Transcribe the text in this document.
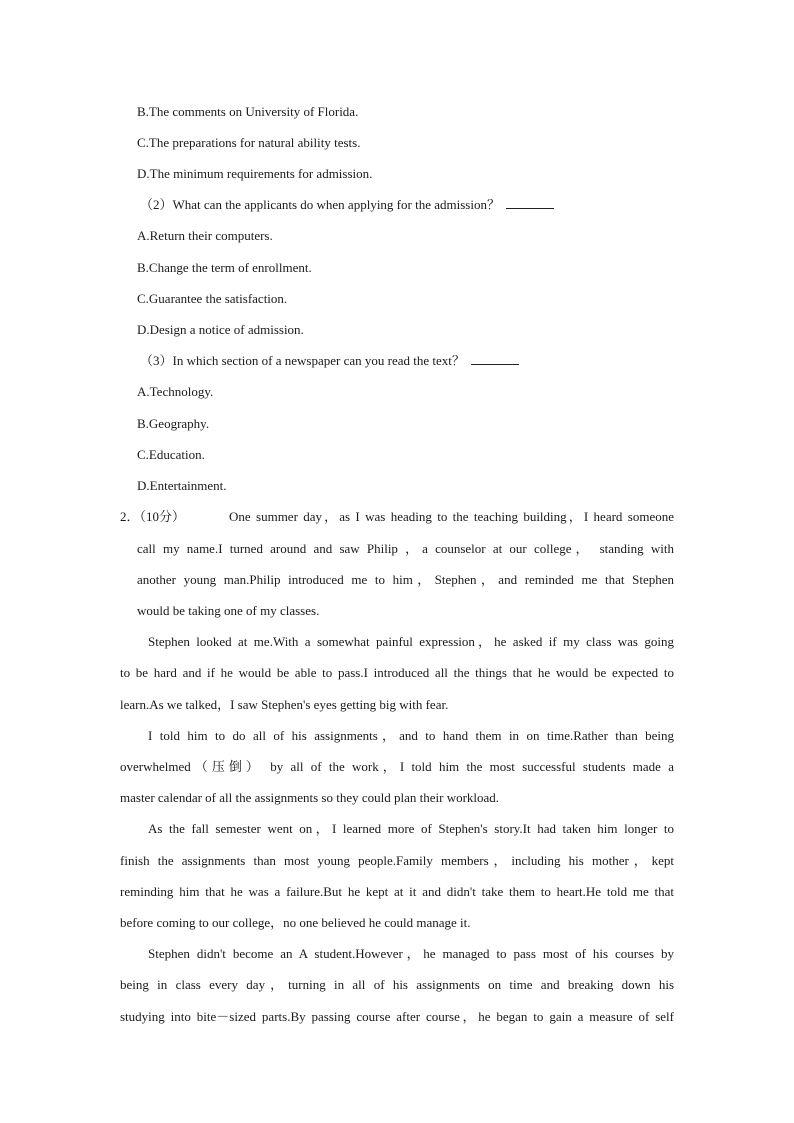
B.The comments on University of Florida.
C.The preparations for natural ability tests.
D.The minimum requirements for admission.
（2）What can the applicants do when applying for the admission？
A.Return their computers.
B.Change the term of enrollment.
C.Guarantee the satisfaction.
D.Design a notice of admission.
（3）In which section of a newspaper can you read the text？
A.Technology.
B.Geography.
C.Education.
D.Entertainment.
2．（10分）	One summer day，as I was heading to the teaching building，I heard someone
call my name.I turned around and saw Philip ，a counselor at our college， standing with
another young man.Philip introduced me to him，Stephen，and reminded me that Stephen
would be taking one of my classes.
Stephen looked at me.With a somewhat painful expression，he asked if my class was going
to be hard and if he would be able to pass.I introduced all the things that he would be expected to
learn.As we talked，I saw Stephen's eyes getting big with fear.
I told him to do all of his assignments，and to hand them in on time.Rather than being
overwhelmed（压倒） by all of the work，I told him the most successful students made a
master calendar of all the assignments so they could plan their workload.
As the fall semester went on，I learned more of Stephen's story.It had taken him longer to
finish the assignments than most young people.Family members，including his mother，kept
reminding him that he was a failure.But he kept at it and didn't take them to heart.He told me that
before coming to our college，no one believed he could manage it.
Stephen didn't become an A student.However，he managed to pass most of his courses by
being in class every day，turning in all of his assignments on time and breaking down his
studying into bite－sized parts.By passing course after course，he began to gain a measure of self
